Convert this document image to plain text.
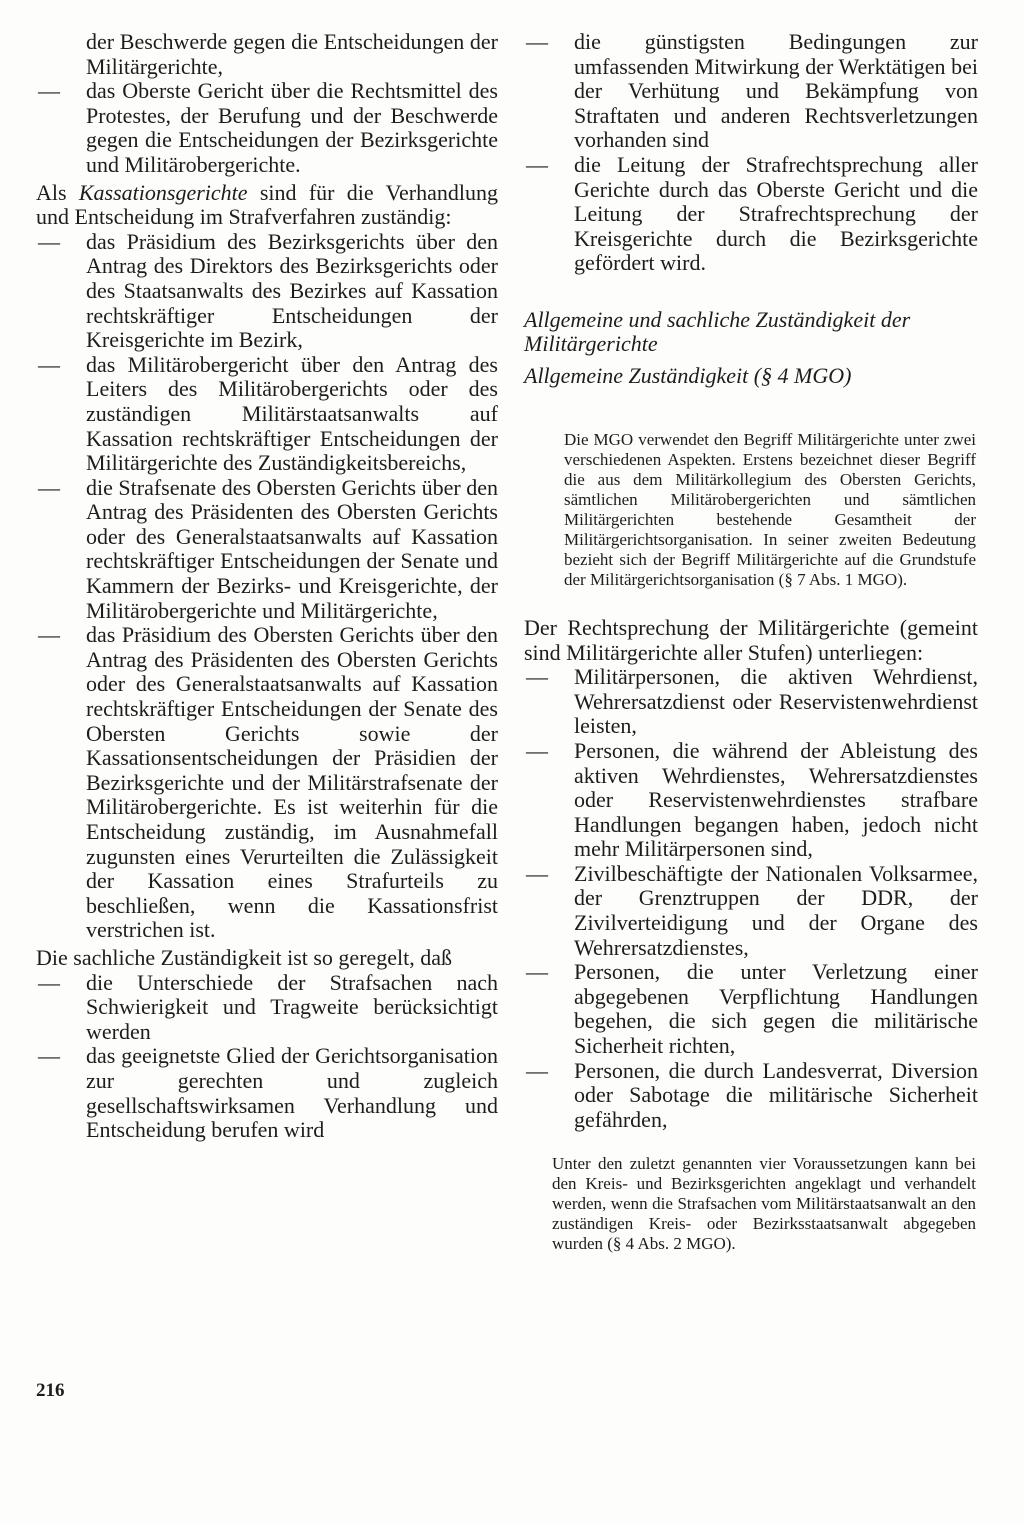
der Beschwerde gegen die Entscheidungen der Militärgerichte,
— das Oberste Gericht über die Rechtsmittel des Protestes, der Berufung und der Beschwerde gegen die Entscheidungen der Bezirksgerichte und Militärobergerichte.

Als Kassationsgerichte sind für die Verhandlung und Entscheidung im Strafverfahren zuständig:

— das Präsidium des Bezirksgerichts über den Antrag des Direktors des Bezirksgerichts oder des Staatsanwalts des Bezirkes auf Kassation rechtskräftiger Entscheidungen der Kreisgerichte im Bezirk,
— das Militärobergericht über den Antrag des Leiters des Militärobergerichts oder des zuständigen Militärstaatsanwalts auf Kassation rechtskräftiger Entscheidungen der Militärgerichte des Zuständigkeitsbereichs,
— die Strafsenate des Obersten Gerichts über den Antrag des Präsidenten des Obersten Gerichts oder des Generalstaatsanwalts auf Kassation rechtskräftiger Entscheidungen der Senate und Kammern der Bezirks- und Kreisgerichte, der Militärobergerichte und Militärgerichte,
— das Präsidium des Obersten Gerichts über den Antrag des Präsidenten des Obersten Gerichts oder des Generalstaatsanwalts auf Kassation rechtskräftiger Entscheidungen der Senate des Obersten Gerichts sowie der Kassationsentscheidungen der Präsidien der Bezirksgerichte und der Militärstrafsenate der Militärobergerichte. Es ist weiterhin für die Entscheidung zuständig, im Ausnahmefall zugunsten eines Verurteilten die Zulässigkeit der Kassation eines Strafurteils zu beschließen, wenn die Kassationsfrist verstrichen ist.

Die sachliche Zuständigkeit ist so geregelt, daß

— die Unterschiede der Strafsachen nach Schwierigkeit und Tragweite berücksichtigt werden
— das geeignetste Glied der Gerichtsorganisation zur gerechten und zugleich gesellschaftswirksamen Verhandlung und Entscheidung berufen wird
— die günstigsten Bedingungen zur umfassenden Mitwirkung der Werktätigen bei der Verhütung und Bekämpfung von Straftaten und anderen Rechtsverletzungen vorhanden sind
— die Leitung der Strafrechtsprechung aller Gerichte durch das Oberste Gericht und die Leitung der Strafrechtsprechung der Kreisgerichte durch die Bezirksgerichte gefördert wird.

Allgemeine und sachliche Zuständigkeit der Militärgerichte

Allgemeine Zuständigkeit (§ 4 MGO)

Die MGO verwendet den Begriff Militärgerichte unter zwei verschiedenen Aspekten. Erstens bezeichnet dieser Begriff die aus dem Militärkollegium des Obersten Gerichts, sämtlichen Militärobergerichten und sämtlichen Militärgerichten bestehende Gesamtheit der Militärgerichtsorganisation. In seiner zweiten Bedeutung bezieht sich der Begriff Militärgerichte auf die Grundstufe der Militärgerichtsorganisation (§ 7 Abs. 1 MGO).

Der Rechtsprechung der Militärgerichte (gemeint sind Militärgerichte aller Stufen) unterliegen:

— Militärpersonen, die aktiven Wehrdienst, Wehrersatzdienst oder Reservistenwehrdienst leisten,
— Personen, die während der Ableistung des aktiven Wehrdienstes, Wehrersatzdienstes oder Reservistenwehrdienstes strafbare Handlungen begangen haben, jedoch nicht mehr Militärpersonen sind,
— Zivilbeschäftigte der Nationalen Volksarmee, der Grenztruppen der DDR, der Zivilverteidigung und der Organe des Wehrersatzdienstes,
— Personen, die unter Verletzung einer abgegebenen Verpflichtung Handlungen begehen, die sich gegen die militärische Sicherheit richten,
— Personen, die durch Landesverrat, Diversion oder Sabotage die militärische Sicherheit gefährden,
Unter den zuletzt genannten vier Voraussetzungen kann bei den Kreis- und Bezirksgerichten angeklagt und verhandelt werden, wenn die Strafsachen vom Militärstaatsanwalt an den zuständigen Kreis- oder Bezirksstaatsanwalt abgegeben wurden (§ 4 Abs. 2 MGO).
216
